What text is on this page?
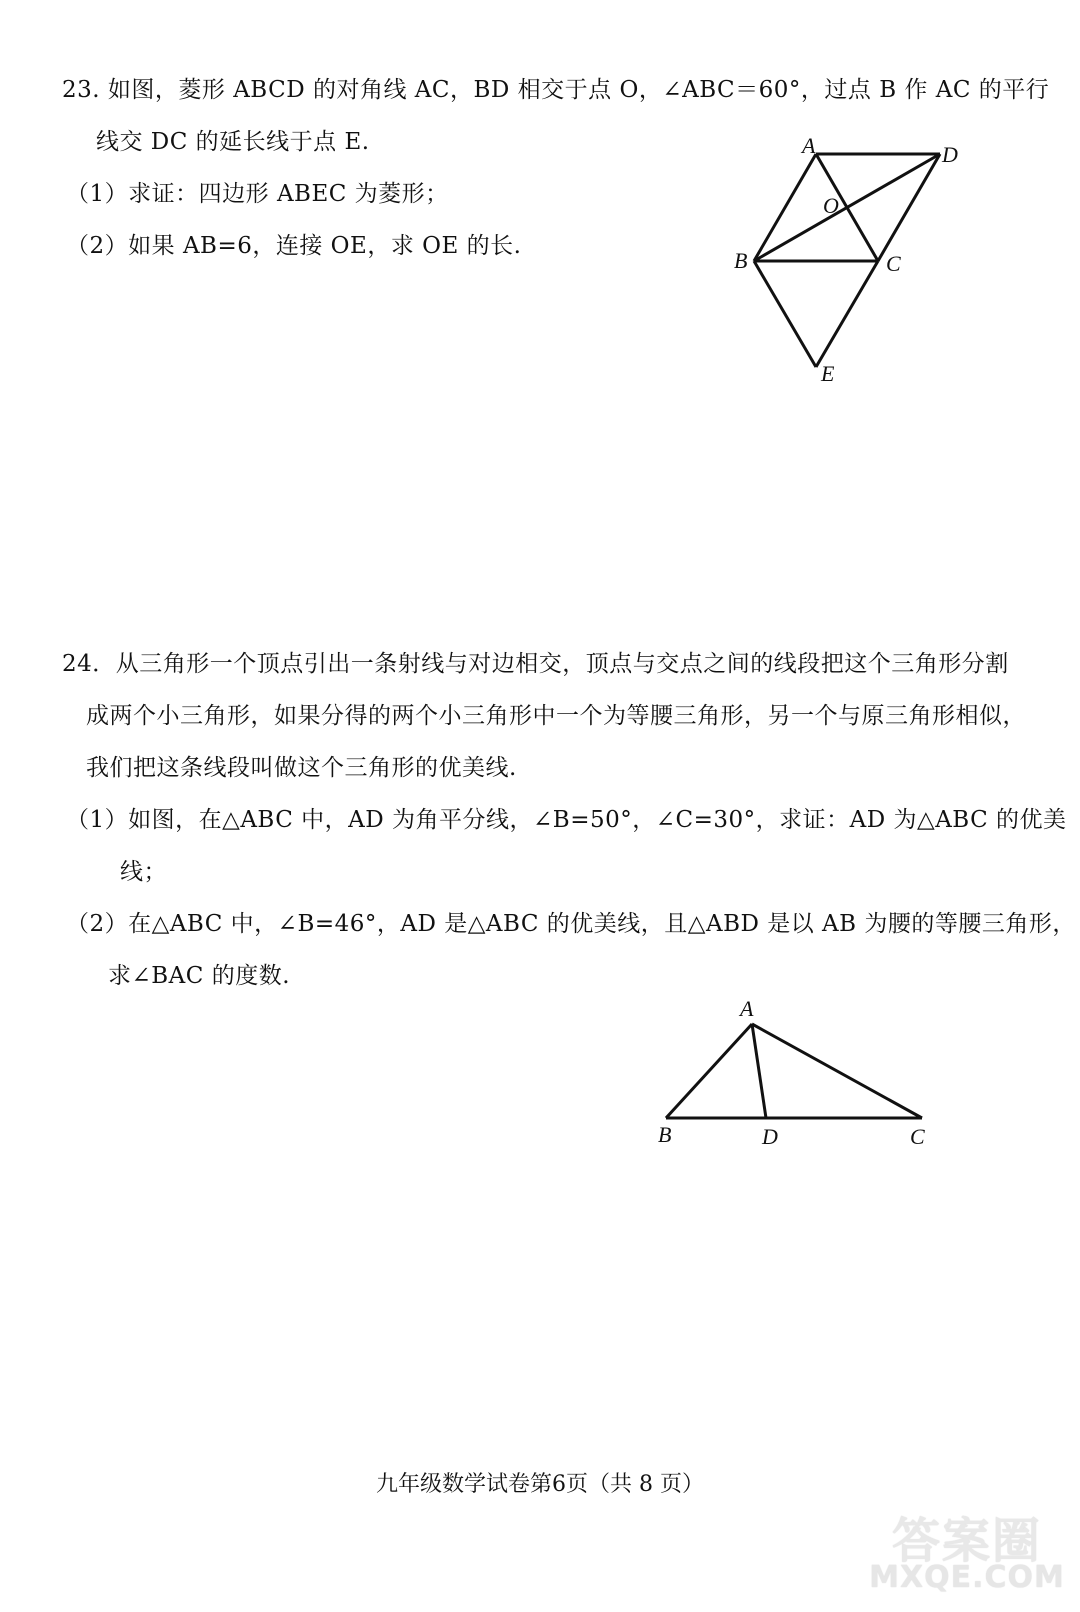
23. 如图，菱形 ABCD 的对角线 AC，BD 相交于点 O，∠ABC＝60°，过点 B 作 AC 的平行
线交 DC 的延长线于点 E.
（1）求证：四边形 ABEC 为菱形；
（2）如果 AB=6，连接 OE，求 OE 的长.
A	D
O
B	C
E
24．从三角形一个顶点引出一条射线与对边相交，顶点与交点之间的线段把这个三角形分割
成两个小三角形，如果分得的两个小三角形中一个为等腰三角形，另一个与原三角形相似，
我们把这条线段叫做这个三角形的优美线.
（1）如图，在△ABC 中，AD 为角平分线，∠B=50°，∠C=30°，求证：AD 为△ABC 的优美
线；
（2）在△ABC 中，∠B=46°，AD 是△ABC 的优美线，且△ABD 是以 AB 为腰的等腰三角形，
求∠BAC 的度数.
A
B	D	C
九年级数学试卷第6页（共 8 页）
答案圈
MXQE.COM
